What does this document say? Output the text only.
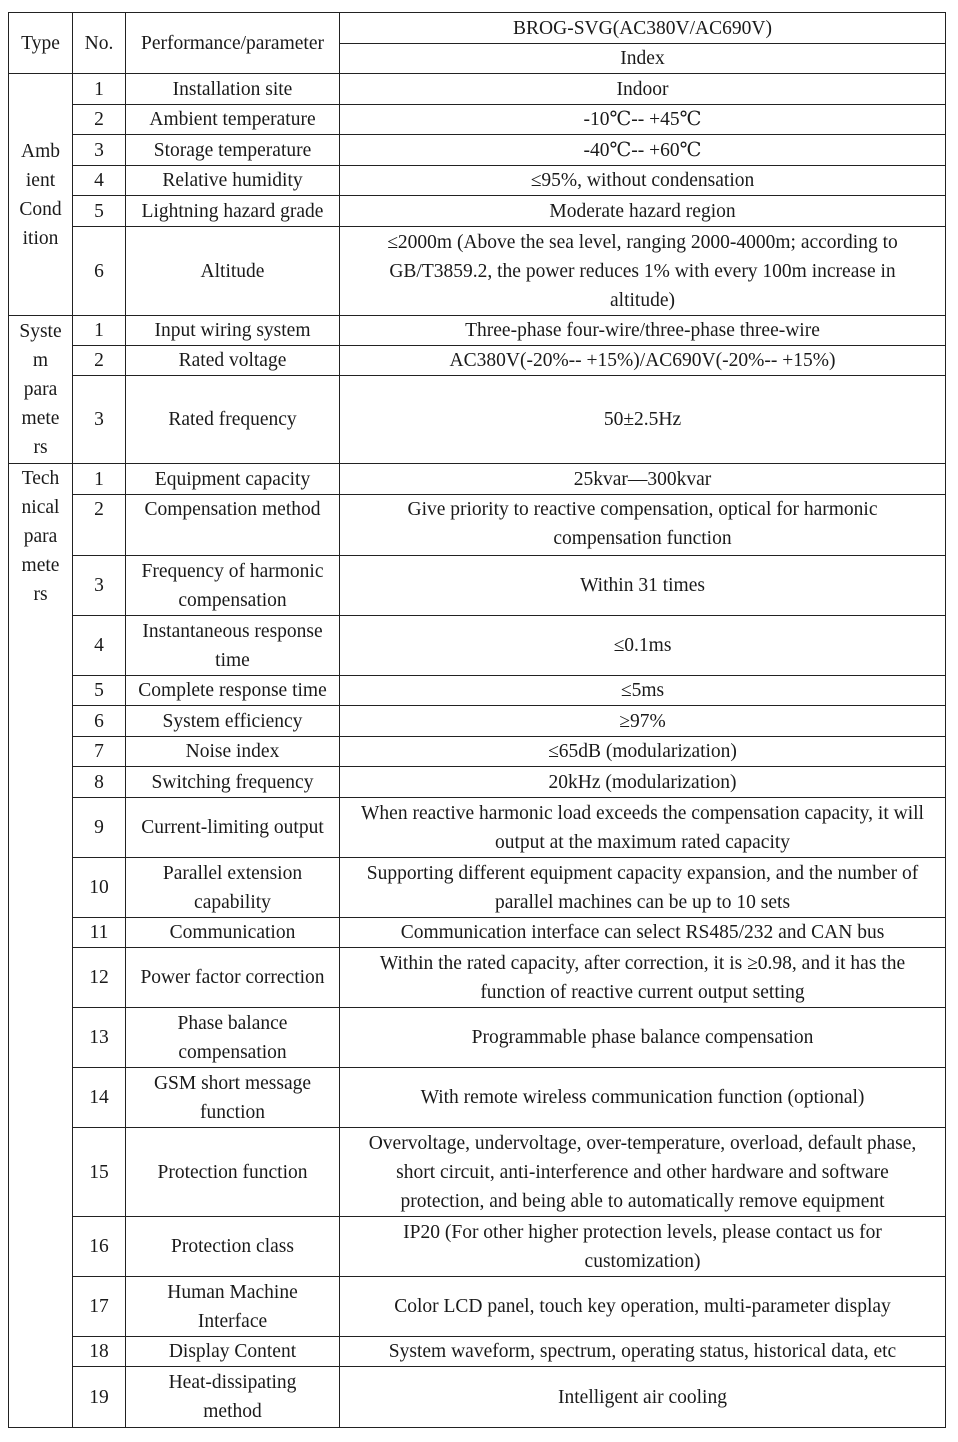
Type	No.	Performance/parameter	BROG-SVG(AC380V/AC690V)
			Index
Amb
ient
Cond
ition	1	Installation site	Indoor
	2	Ambient temperature	-10℃-- +45℃
	3	Storage temperature	-40℃-- +60℃
	4	Relative humidity	≤95%, without condensation
	5	Lightning hazard grade	Moderate hazard region
	6	Altitude	≤2000m (Above the sea level, ranging 2000-4000m; according to
GB/T3859.2, the power reduces 1% with every 100m increase in
altitude)
Syste
m
para
mete
rs	1	Input wiring system	Three-phase four-wire/three-phase three-wire
	2	Rated voltage	AC380V(-20%-- +15%)/AC690V(-20%-- +15%)
	3	Rated frequency	50±2.5Hz
Tech
nical
para
mete
rs	1	Equipment capacity	25kvar—300kvar
	2	Compensation method	Give priority to reactive compensation, optical for harmonic
compensation function
	3	Frequency of harmonic
compensation	Within 31 times
	4	Instantaneous response
time	≤0.1ms
	5	Complete response time	≤5ms
	6	System efficiency	≥97%
	7	Noise index	≤65dB (modularization)
	8	Switching frequency	20kHz (modularization)
	9	Current-limiting output	When reactive harmonic load exceeds the compensation capacity, it will
output at the maximum rated capacity
	10	Parallel extension
capability	Supporting different equipment capacity expansion, and the number of
parallel machines can be up to 10 sets
	11	Communication	Communication interface can select RS485/232 and CAN bus
	12	Power factor correction	Within the rated capacity, after correction, it is ≥0.98, and it has the
function of reactive current output setting
	13	Phase balance
compensation	Programmable phase balance compensation
	14	GSM short message
function	With remote wireless communication function (optional)
	15	Protection function	Overvoltage, undervoltage, over-temperature, overload, default phase,
short circuit, anti-interference and other hardware and software
protection, and being able to automatically remove equipment
	16	Protection class	IP20 (For other higher protection levels, please contact us for
customization)
	17	Human Machine
Interface	Color LCD panel, touch key operation, multi-parameter display
	18	Display Content	System waveform, spectrum, operating status, historical data, etc
	19	Heat-dissipating
method	Intelligent air cooling
